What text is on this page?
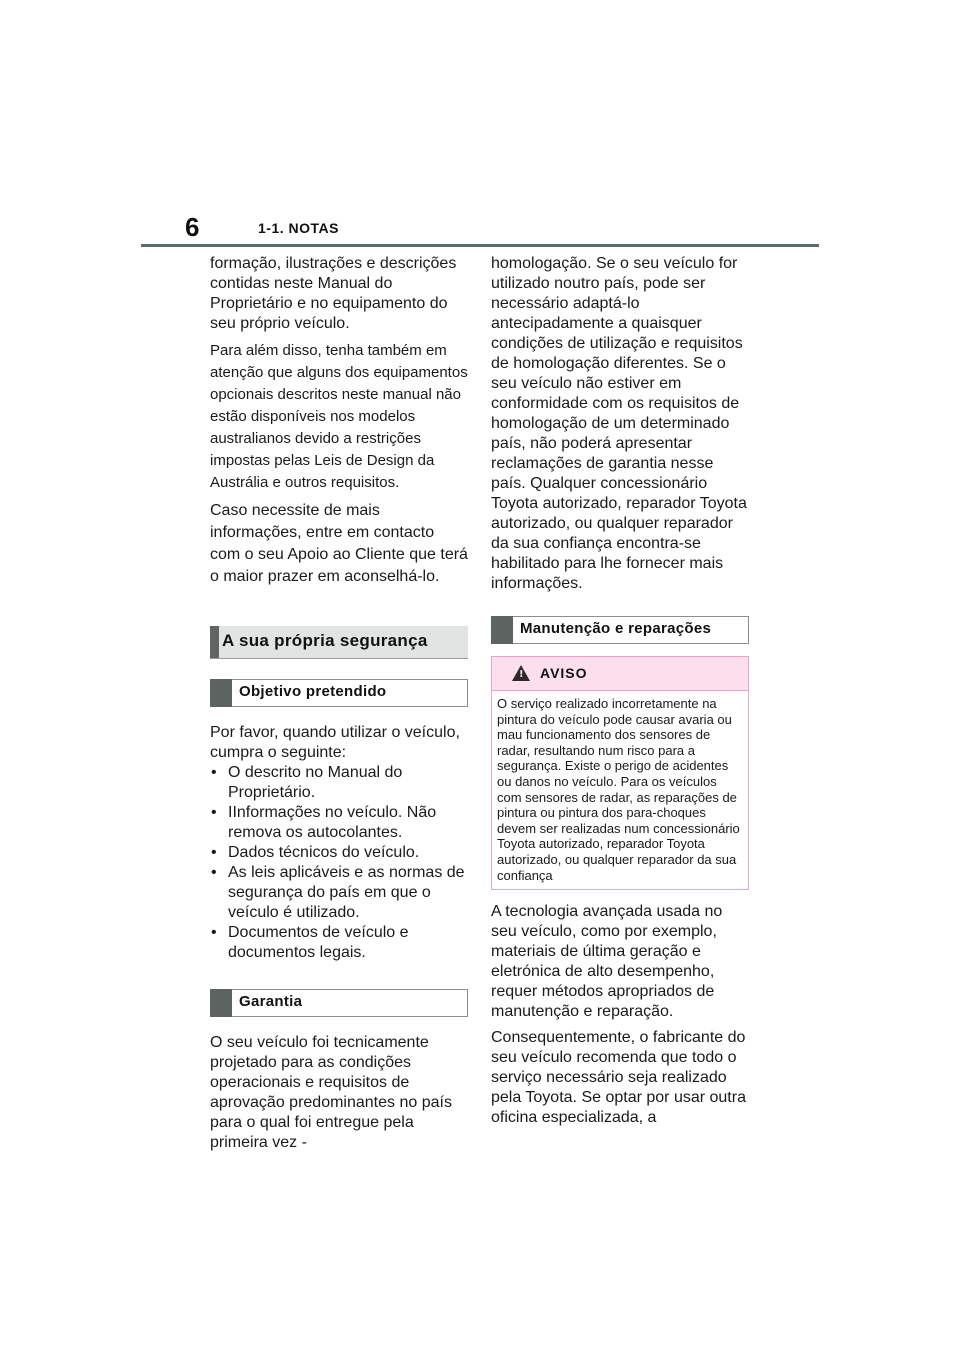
6	1-1. NOTAS

formação, ilustrações e descrições contidas neste Manual do Proprietário e no equipamento do seu próprio veículo.

Para além disso, tenha também em atenção que alguns dos equipamentos opcionais descritos neste manual não estão disponíveis nos modelos australianos devido a restrições impostas pelas Leis de Design da Austrália e outros requisitos.

Caso necessite de mais informações, entre em contacto com o seu Apoio ao Cliente que terá o maior prazer em aconselhá-lo.

A sua própria segurança
Objetivo pretendido

Por favor, quando utilizar o veículo, cumpra o seguinte:

• O descrito no Manual do Proprietário.
• IInformações no veículo. Não remova os autocolantes.
• Dados técnicos do veículo.
• As leis aplicáveis e as normas de segurança do país em que o veículo é utilizado.
• Documentos de veículo e documentos legais.
Garantia

O seu veículo foi tecnicamente projetado para as condições operacionais e requisitos de aprovação predominantes no país para o qual foi entregue pela primeira vez -

homologação. Se o seu veículo for utilizado noutro país, pode ser necessário adaptá-lo antecipadamente a quaisquer condições de utilização e requisitos de homologação diferentes. Se o seu veículo não estiver em conformidade com os requisitos de homologação de um determinado país, não poderá apresentar reclamações de garantia nesse país. Qualquer concessionário Toyota autorizado, reparador Toyota autorizado, ou qualquer reparador da sua confiança encontra-se habilitado para lhe fornecer mais informações.

Manutenção e reparações
! AVISO
O serviço realizado incorretamente na pintura do veículo pode causar avaria ou mau funcionamento dos sensores de radar, resultando num risco para a segurança. Existe o perigo de acidentes ou danos no veículo. Para os veículos com sensores de radar, as reparações de pintura ou pintura dos para-choques devem ser realizadas num concessionário Toyota autorizado, reparador Toyota autorizado, ou qualquer reparador da sua confiança

A tecnologia avançada usada no seu veículo, como por exemplo, materiais de última geração e eletrónica de alto desempenho, requer métodos apropriados de manutenção e reparação.

Consequentemente, o fabricante do seu veículo recomenda que todo o serviço necessário seja realizado pela Toyota. Se optar por usar outra oficina especializada, a
